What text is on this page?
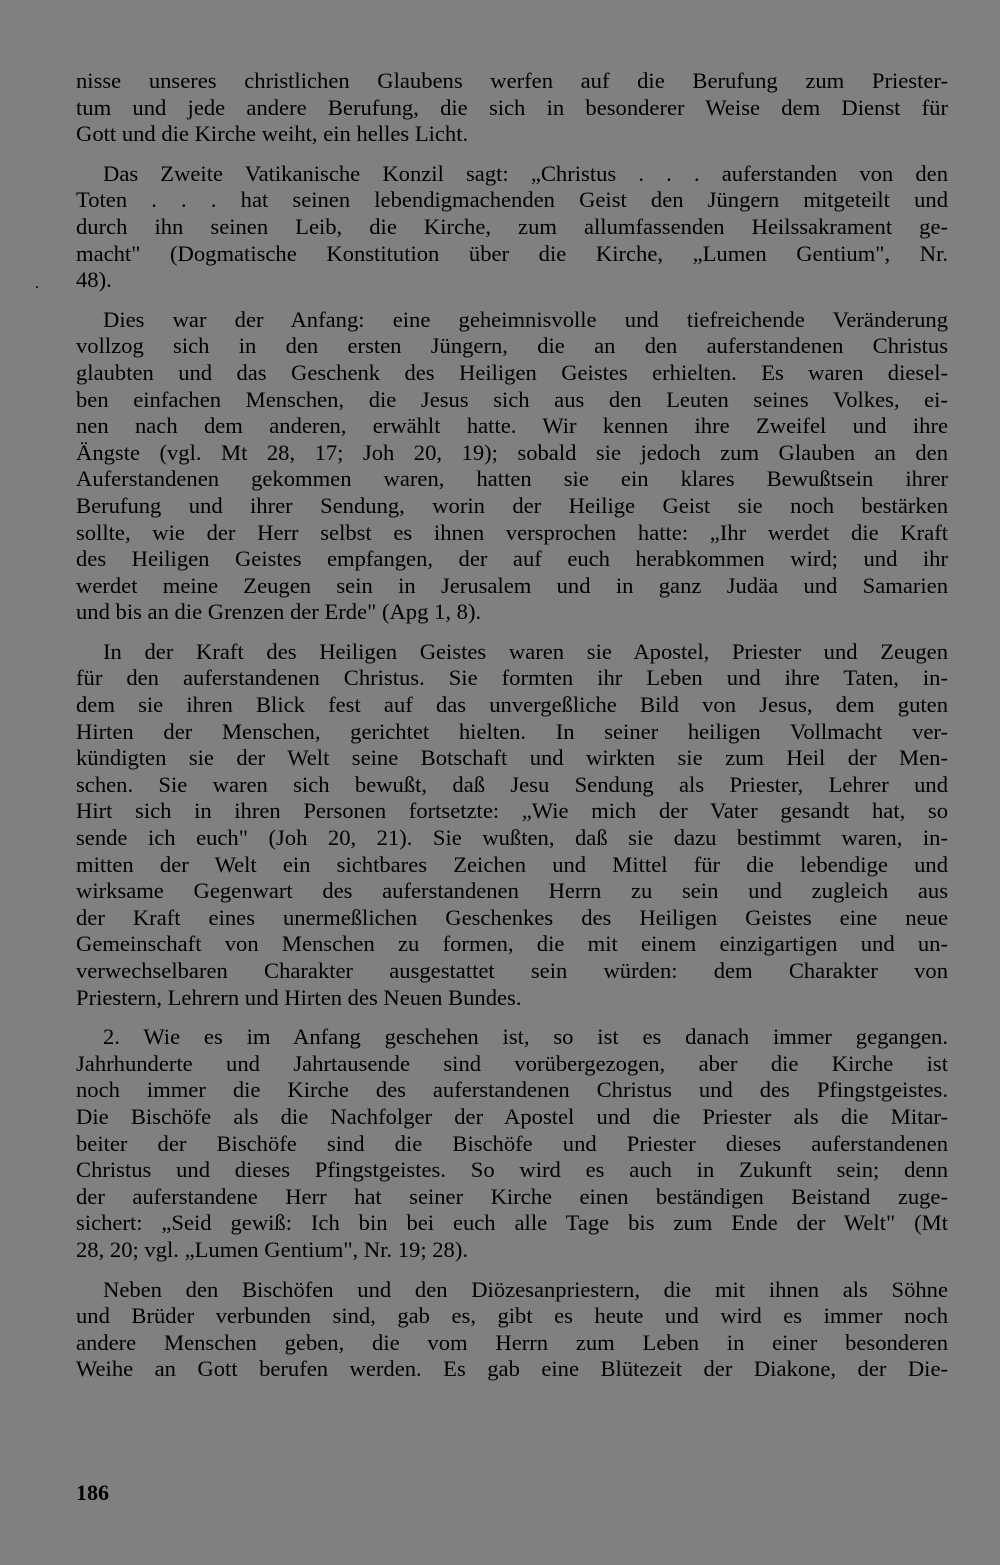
nisse unseres christlichen Glaubens werfen auf die Berufung zum Priester-
tum und jede andere Berufung, die sich in besonderer Weise dem Dienst für
Gott und die Kirche weiht, ein helles Licht.
Das Zweite Vatikanische Konzil sagt: „Christus . . . auferstanden von den
Toten . . . hat seinen lebendigmachenden Geist den Jüngern mitgeteilt und
durch ihn seinen Leib, die Kirche, zum allumfassenden Heilssakrament ge-
macht" (Dogmatische Konstitution über die Kirche, „Lumen Gentium", Nr.
48).
Dies war der Anfang: eine geheimnisvolle und tiefreichende Veränderung
vollzog sich in den ersten Jüngern, die an den auferstandenen Christus
glaubten und das Geschenk des Heiligen Geistes erhielten. Es waren diesel-
ben einfachen Menschen, die Jesus sich aus den Leuten seines Volkes, ei-
nen nach dem anderen, erwählt hatte. Wir kennen ihre Zweifel und ihre
Ängste (vgl. Mt 28, 17; Joh 20, 19); sobald sie jedoch zum Glauben an den
Auferstandenen gekommen waren, hatten sie ein klares Bewußtsein ihrer
Berufung und ihrer Sendung, worin der Heilige Geist sie noch bestärken
sollte, wie der Herr selbst es ihnen versprochen hatte: „Ihr werdet die Kraft
des Heiligen Geistes empfangen, der auf euch herabkommen wird; und ihr
werdet meine Zeugen sein in Jerusalem und in ganz Judäa und Samarien
und bis an die Grenzen der Erde" (Apg 1, 8).
In der Kraft des Heiligen Geistes waren sie Apostel, Priester und Zeugen
für den auferstandenen Christus. Sie formten ihr Leben und ihre Taten, in-
dem sie ihren Blick fest auf das unvergeßliche Bild von Jesus, dem guten
Hirten der Menschen, gerichtet hielten. In seiner heiligen Vollmacht ver-
kündigten sie der Welt seine Botschaft und wirkten sie zum Heil der Men-
schen. Sie waren sich bewußt, daß Jesu Sendung als Priester, Lehrer und
Hirt sich in ihren Personen fortsetzte: „Wie mich der Vater gesandt hat, so
sende ich euch" (Joh 20, 21). Sie wußten, daß sie dazu bestimmt waren, in-
mitten der Welt ein sichtbares Zeichen und Mittel für die lebendige und
wirksame Gegenwart des auferstandenen Herrn zu sein und zugleich aus
der Kraft eines unermeßlichen Geschenkes des Heiligen Geistes eine neue
Gemeinschaft von Menschen zu formen, die mit einem einzigartigen und un-
verwechselbaren Charakter ausgestattet sein würden: dem Charakter von
Priestern, Lehrern und Hirten des Neuen Bundes.
2. Wie es im Anfang geschehen ist, so ist es danach immer gegangen.
Jahrhunderte und Jahrtausende sind vorübergezogen, aber die Kirche ist
noch immer die Kirche des auferstandenen Christus und des Pfingstgeistes.
Die Bischöfe als die Nachfolger der Apostel und die Priester als die Mitar-
beiter der Bischöfe sind die Bischöfe und Priester dieses auferstandenen
Christus und dieses Pfingstgeistes. So wird es auch in Zukunft sein; denn
der auferstandene Herr hat seiner Kirche einen beständigen Beistand zuge-
sichert: „Seid gewiß: Ich bin bei euch alle Tage bis zum Ende der Welt" (Mt
28, 20; vgl. „Lumen Gentium", Nr. 19; 28).
Neben den Bischöfen und den Diözesanpriestern, die mit ihnen als Söhne
und Brüder verbunden sind, gab es, gibt es heute und wird es immer noch
andere Menschen geben, die vom Herrn zum Leben in einer besonderen
Weihe an Gott berufen werden. Es gab eine Blütezeit der Diakone, der Die-
186
